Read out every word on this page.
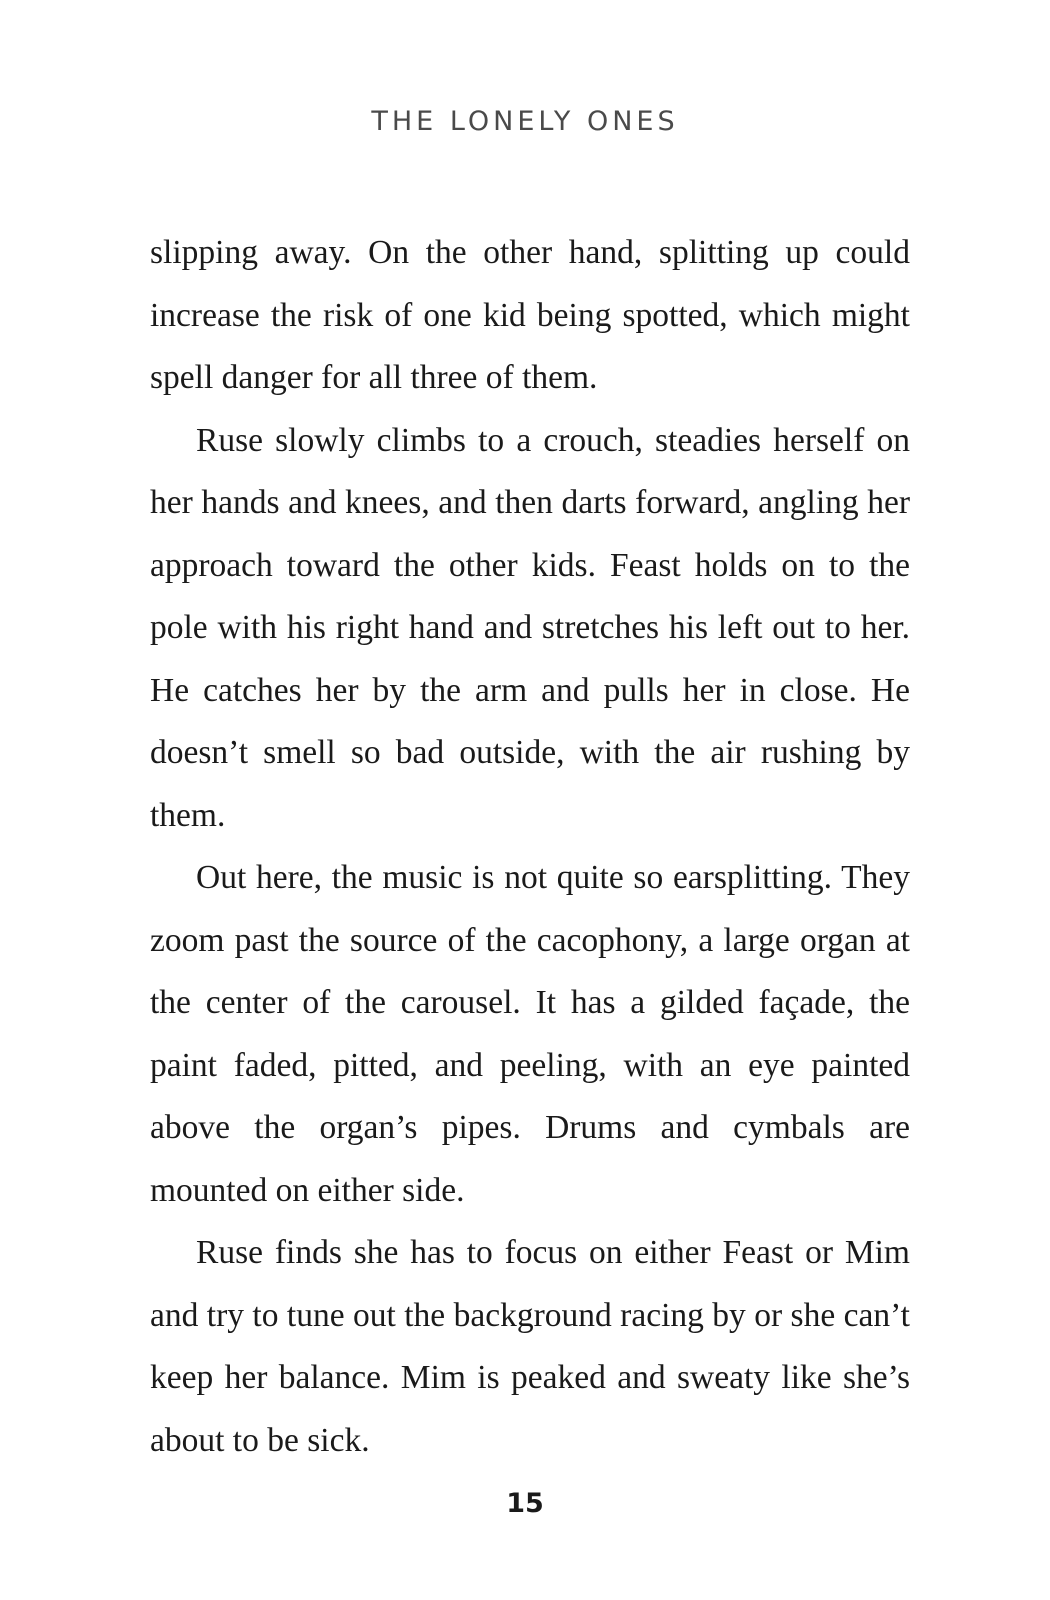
THE LONELY ONES

slipping away. On the other hand, splitting up could increase the risk of one kid being spotted, which might spell danger for all three of them.

Ruse slowly climbs to a crouch, steadies herself on her hands and knees, and then darts forward, angling her approach toward the other kids. Feast holds on to the pole with his right hand and stretches his left out to her. He catches her by the arm and pulls her in close. He doesn’t smell so bad outside, with the air rushing by them.

Out here, the music is not quite so earsplitting. They zoom past the source of the cacophony, a large organ at the center of the carousel. It has a gilded façade, the paint faded, pitted, and peeling, with an eye painted above the organ’s pipes. Drums and cymbals are mounted on either side.

Ruse finds she has to focus on either Feast or Mim and try to tune out the background racing by or she can’t keep her balance. Mim is peaked and sweaty like she’s about to be sick.

15
